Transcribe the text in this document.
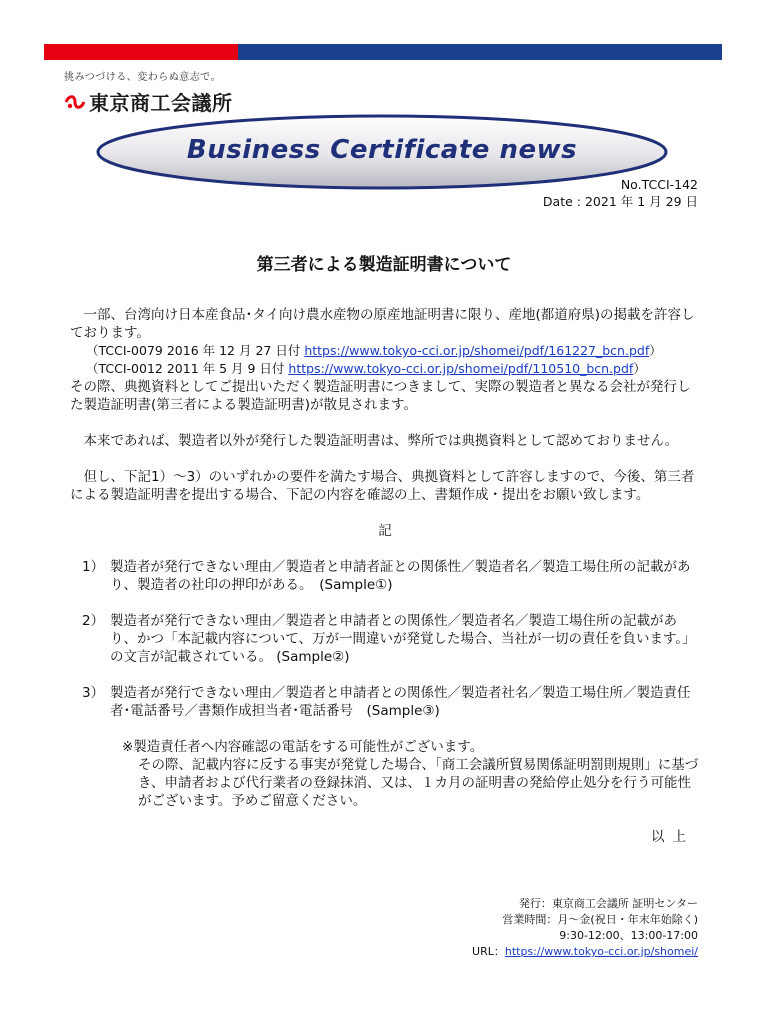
挑みつづける、変わらぬ意志で。
東京商工会議所
Business Certificate news
No.TCCI-142
Date : 2021 年 1 月 29 日
第三者による製造証明書について

一部、台湾向け日本産食品･タイ向け農水産物の原産地証明書に限り、産地(都道府県)の掲載を許容しております。

（TCCI-0079 2016 年 12 月 27 日付 https://www.tokyo-cci.or.jp/shomei/pdf/161227_bcn.pdf）

（TCCI-0012 2011 年 5 月 9 日付 https://www.tokyo-cci.or.jp/shomei/pdf/110510_bcn.pdf）

その際、典拠資料としてご提出いただく製造証明書につきまして、実際の製造者と異なる会社が発行した製造証明書(第三者による製造証明書)が散見されます。

本来であれば、製造者以外が発行した製造証明書は、弊所では典拠資料として認めておりません。

但し、下記1）～3）のいずれかの要件を満たす場合、典拠資料として許容しますので、今後、第三者による製造証明書を提出する場合、下記の内容を確認の上、書類作成・提出をお願い致します。

記

1） 製造者が発行できない理由／製造者と申請者証との関係性／製造者名／製造工場住所の記載があり、製造者の社印の押印がある。　(Sample①)
2） 製造者が発行できない理由／製造者と申請者との関係性／製造者名／製造工場住所の記載があり、かつ「本記載内容について、万が一間違いが発覚した場合、当社が一切の責任を負います。」の文言が記載されている。 (Sample②)
3） 製造者が発行できない理由／製造者と申請者との関係性／製造者社名／製造工場住所／製造責任者･電話番号／書類作成担当者･電話番号　(Sample③)

※製造責任者へ内容確認の電話をする可能性がございます。

その際、記載内容に反する事実が発覚した場合、「商工会議所貿易関係証明罰則規則」に基づき、申請者および代行業者の登録抹消、又は、１カ月の証明書の発給停止処分を行う可能性がございます。予めご留意ください。

以上

発行：東京商工会議所 証明センター
営業時間：月～金(祝日・年末年始除く)
9:30-12:00、13:00-17:00
URL：https://www.tokyo-cci.or.jp/shomei/
